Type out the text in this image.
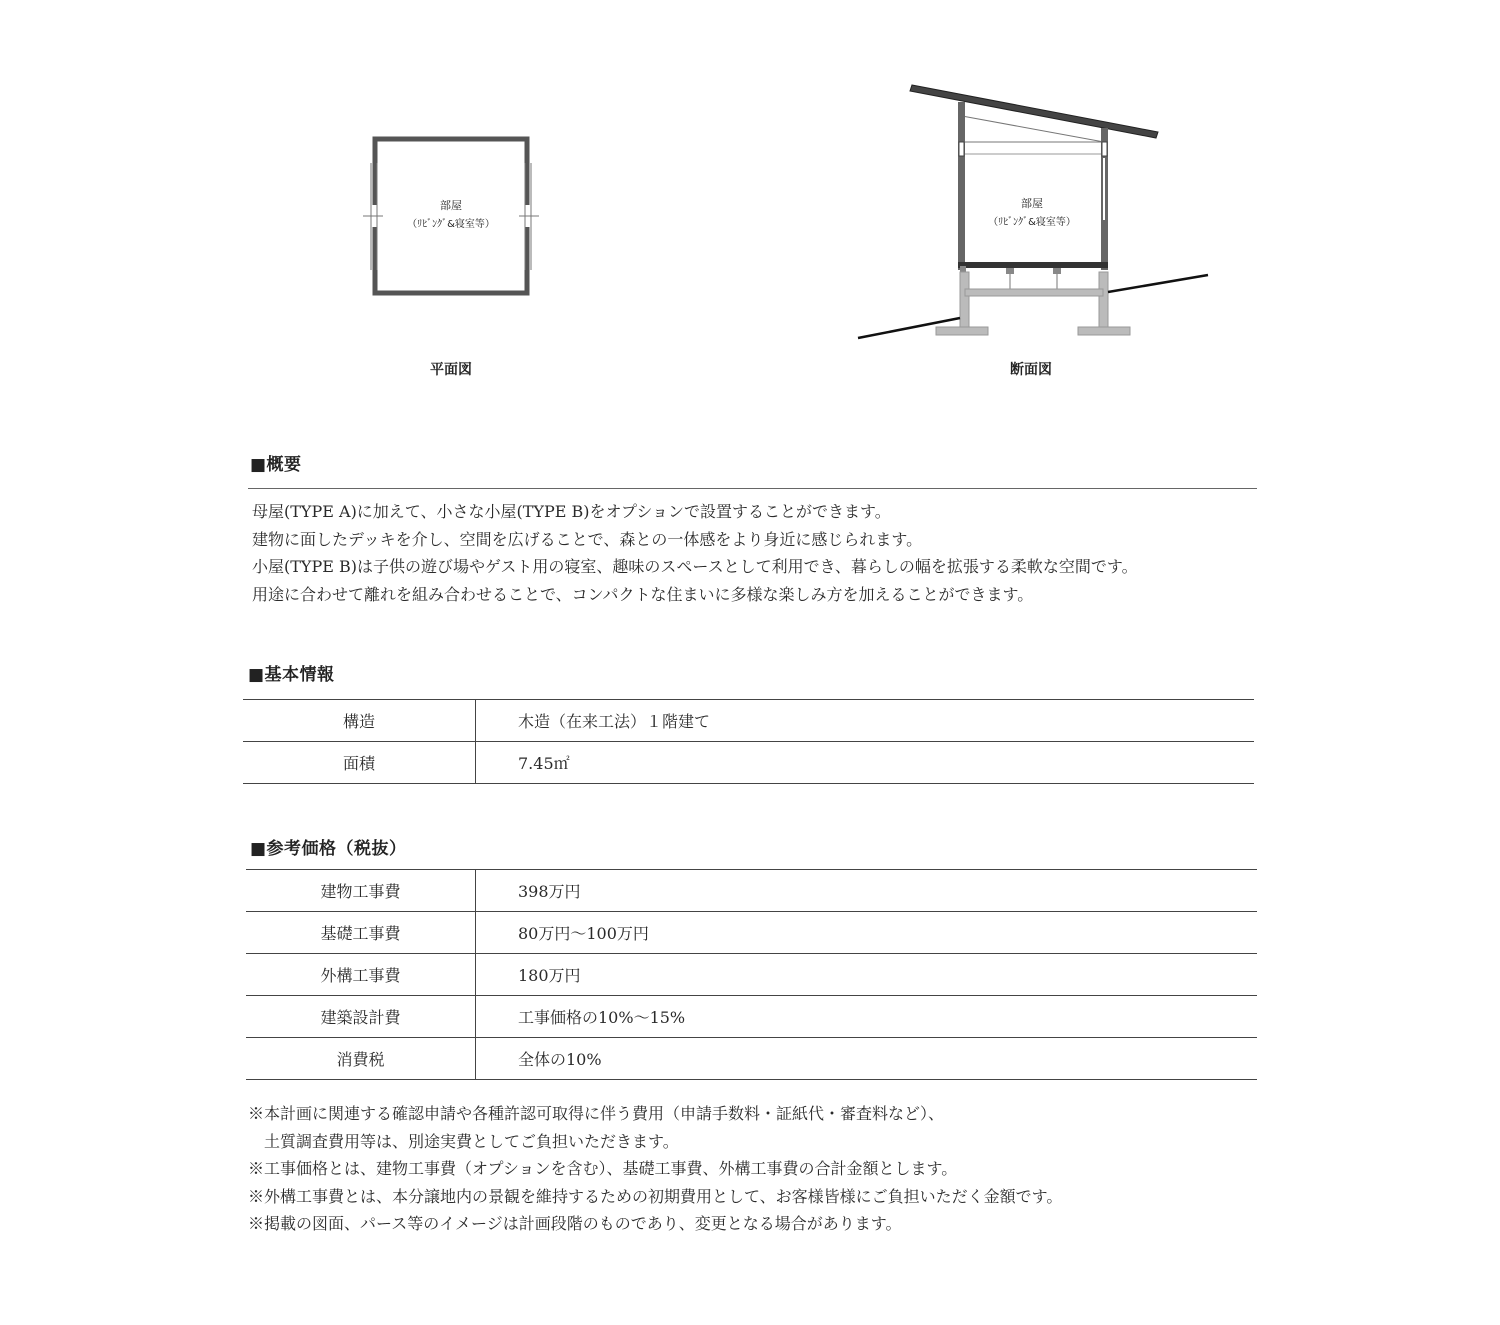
部屋
（ﾘﾋﾞﾝｸﾞ&寝室等）
平面図
部屋
（ﾘﾋﾞﾝｸﾞ&寝室等）
断面図
■概要
母屋(TYPE A)に加えて、小さな小屋(TYPE B)をオプションで設置することができます。
建物に面したデッキを介し、空間を広げることで、森との一体感をより身近に感じられます。
小屋(TYPE B)は子供の遊び場やゲスト用の寝室、趣味のスペースとして利用でき、暮らしの幅を拡張する柔軟な空間です。
用途に合わせて離れを組み合わせることで、コンパクトな住まいに多様な楽しみ方を加えることができます。
■基本情報
構造	木造（在来工法）１階建て
面積	7.45㎡
■参考価格（税抜）
建物工事費	398万円
基礎工事費	80万円〜100万円
外構工事費	180万円
建築設計費	工事価格の10%〜15%
消費税	全体の10%
※本計画に関連する確認申請や各種許認可取得に伴う費用（申請手数料・証紙代・審査料など）、
　土質調査費用等は、別途実費としてご負担いただきます。
※工事価格とは、建物工事費（オプションを含む）、基礎工事費、外構工事費の合計金額とします。
※外構工事費とは、本分譲地内の景観を維持するための初期費用として、お客様皆様にご負担いただく金額です。
※掲載の図面、パース等のイメージは計画段階のものであり、変更となる場合があります。
